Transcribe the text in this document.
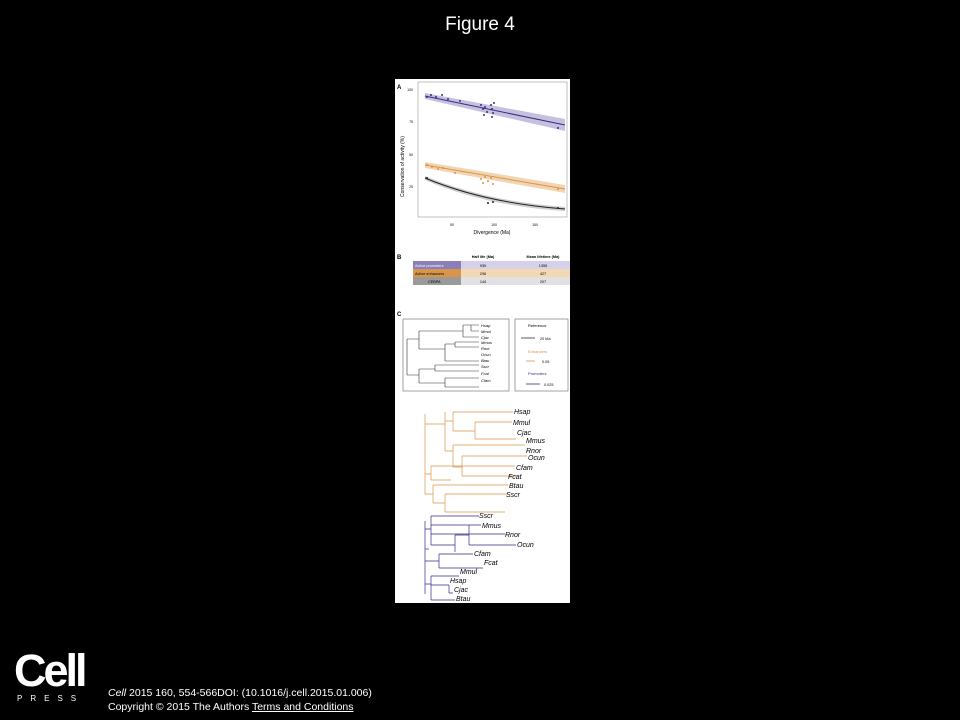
Figure 4
A
Conservation of activity (%)
100
75
50
25
50	100	150
Divergence (Ma)
B	Half life (Ma)	Mean lifetime (Ma)
Active promoters	939	1355
Active enhancers	296	427
CEBPA	144	207
C
Hsap
Mmul
Cjac
Mmus
Rnor
Ocun
Btau
Sscr
Fcat
Cfam
Reference
20 Ma
Enhancers
0.05
Promoters
0.025
Hsap
Mmul
Cjac
Mmus
Rnor
Ocun
Cfam
Fcat
Btau
Sscr
Sscr
Mmus
Rnor
Ocun
Cfam
Fcat
Mmul
Hsap
Cjac
Btau
Cell
PRESS Cell 2015 160, 554-566DOI: (10.1016/j.cell.2015.01.006)
Copyright © 2015 The Authors Terms and Conditions
